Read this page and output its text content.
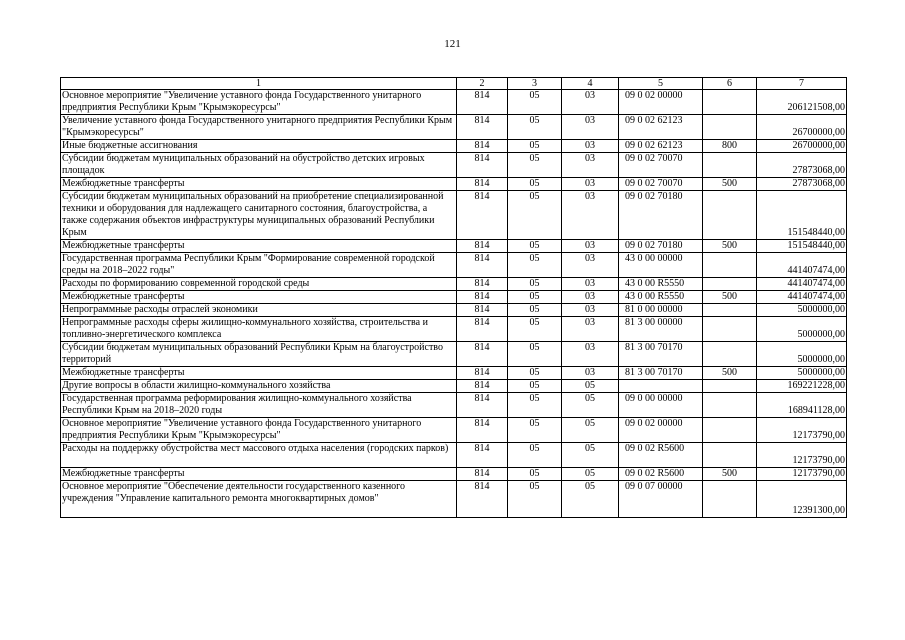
121
1	2	3	4	5	6	7
Основное мероприятие "Увеличение уставного фонда Государственного унитарного предприятия Республики Крым "Крымэкоресурсы"	814	05	03	09 0 02 00000		206121508,00
Увеличение уставного фонда Государственного унитарного предприятия Республики Крым "Крымэкоресурсы"	814	05	03	09 0 02 62123		26700000,00
Иные бюджетные ассигнования	814	05	03	09 0 02 62123	800	26700000,00
Субсидии бюджетам муниципальных образований на обустройство детских игровых площадок	814	05	03	09 0 02 70070		27873068,00
Межбюджетные трансферты	814	05	03	09 0 02 70070	500	27873068,00
Субсидии бюджетам муниципальных образований на приобретение специализированной техники и оборудования для надлежащего санитарного состояния, благоустройства, а также содержания объектов инфраструктуры муниципальных образований Республики Крым	814	05	03	09 0 02 70180		151548440,00
Межбюджетные трансферты	814	05	03	09 0 02 70180	500	151548440,00
Государственная программа Республики Крым "Формирование современной городской среды на 2018–2022 годы"	814	05	03	43 0 00 00000		441407474,00
Расходы по формированию современной городской среды	814	05	03	43 0 00 R5550		441407474,00
Межбюджетные трансферты	814	05	03	43 0 00 R5550	500	441407474,00
Непрограммные расходы отраслей экономики	814	05	03	81 0 00 00000		5000000,00
Непрограммные расходы сферы жилищно-коммунального хозяйства, строительства и топливно-энергетического комплекса	814	05	03	81 3 00 00000		5000000,00
Субсидии бюджетам муниципальных образований Республики Крым на благоустройство территорий	814	05	03	81 3 00 70170		5000000,00
Межбюджетные трансферты	814	05	03	81 3 00 70170	500	5000000,00
Другие вопросы в области жилищно-коммунального хозяйства	814	05	05			169221228,00
Государственная программа реформирования жилищно-коммунального хозяйства Республики Крым на 2018–2020 годы	814	05	05	09 0 00 00000		168941128,00
Основное мероприятие "Увеличение уставного фонда Государственного унитарного предприятия Республики Крым "Крымэкоресурсы"	814	05	05	09 0 02 00000		12173790,00
Расходы на поддержку обустройства мест массового отдыха населения (городских парков)	814	05	05	09 0 02 R5600		12173790,00
Межбюджетные трансферты	814	05	05	09 0 02 R5600	500	12173790,00
Основное мероприятие "Обеспечение деятельности государственного казенного учреждения "Управление капитального ремонта многоквартирных домов"	814	05	05	09 0 07 00000		12391300,00
